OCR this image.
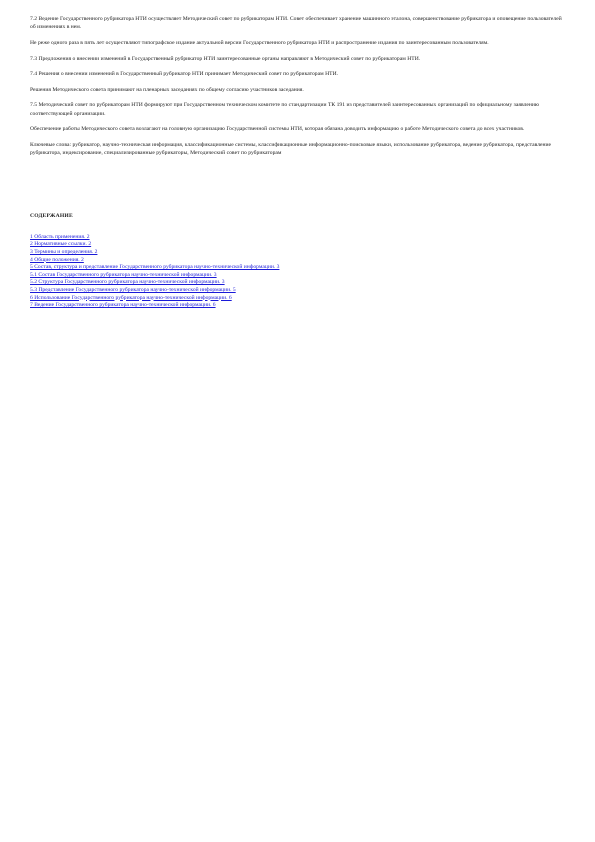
7.2 Ведение Государственного рубрикатора НТИ осуществляет Методический совет по рубрикаторам НТИ. Совет обеспечивает хранение машинного эталона, совершенствование рубрикатора и оповещение пользователей об изменениях в нем.

Не реже одного раза в пять лет осуществляют типографское издание актуальной версии Государственного рубрикатора НТИ и распространение издания по заинтересованным пользователям.

7.3 Предложения о внесении изменений в Государственный рубрикатор НТИ заинтересованные органы направляют в Методический совет по рубрикаторам НТИ.

7.4 Решения о внесении изменений в Государственный рубрикатор НТИ принимает Методический совет по рубрикаторам НТИ.

Решения Методического совета принимают на пленарных заседаниях по общему согласию участников заседания.

7.5 Методический совет по рубрикаторам НТИ формируют при Государственном техническом комитете по стандартизации ТК 191 из представителей заинтересованных организаций по официальному заявлению соответствующей организации.

Обеспечение работы Методического совета возлагают на головную организацию Государственной системы НТИ, которая обязана доводить информацию о работе Методического совета до всех участников.

Ключевые слова: рубрикатор, научно-техническая информация, классификационные системы, классификационные информационно-поисковые языки, использование рубрикатора, ведение рубрикатора, представление рубрикатора, индексирование, специализированные рубрикаторы, Методический совет по рубрикаторам

СОДЕРЖАНИЕ
1 Область применения. 2
2 Нормативные ссылки. 2
3 Термины и определения. 2
4 Общие положения. 2
5 Состав, структура и представление Государственного рубрикатора научно-технической информации. 3
5.1 Состав Государственного рубрикатора научно-технической информации. 3
5.2 Структура Государственного рубрикатора научно-технической информации. 3
5.3 Представление Государственного рубрикатора научно-технической информации. 5
6 Использование Государственного рубрикатора научно-технической информации. 6
7 Ведение Государственного рубрикатора научно-технической информации. 6
